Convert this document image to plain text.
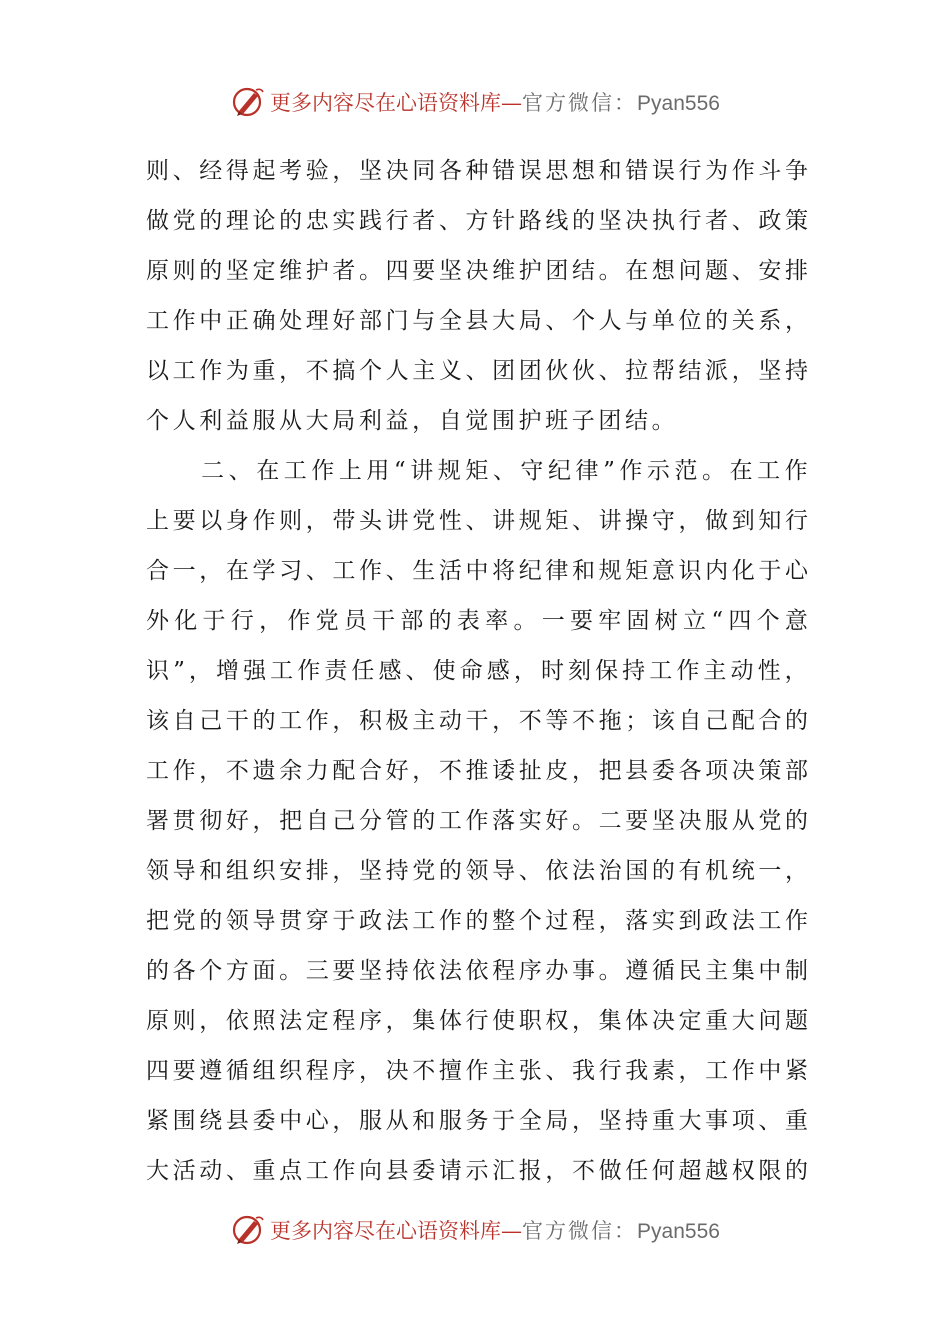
更多内容尽在心语资料库 — 官方微信： Pyan556
则 、 经 得 起 考 验 ， 坚 决 同 各 种 错 误 思 想 和 错 误 行 为 作 斗 争
做 党 的 理 论 的 忠 实 践 行 者 、 方 针 路 线 的 坚 决 执 行 者 、 政 策
原 则 的 坚 定 维 护 者 。 四 要 坚 决 维 护 团 结 。 在 想 问 题 、 安 排
工 作 中 正 确 处 理 好 部 门 与 全 县 大 局 、 个 人 与 单 位 的 关 系 ，
以 工 作 为 重 ， 不 搞 个 人 主 义 、 团 团 伙 伙 、 拉 帮 结 派 ， 坚 持
个 人 利 益 服 从 大 局 利 益 ， 自 觉 围 护 班 子 团 结 。

二 、 在 工 作 上 用 “ 讲 规 矩 、 守 纪 律 ” 作 示 范 。 在 工 作
上 要 以 身 作 则 ， 带 头 讲 党 性 、 讲 规 矩 、 讲 操 守 ， 做 到 知 行
合 一 ， 在 学 习 、 工 作 、 生 活 中 将 纪 律 和 规 矩 意 识 内 化 于 心
外 化 于 行 ， 作 党 员 干 部 的 表 率 。 一 要 牢 固 树 立 “ 四 个 意
识 ” ， 增 强 工 作 责 任 感 、 使 命 感 ， 时 刻 保 持 工 作 主 动 性 ，
该 自 己 干 的 工 作 ， 积 极 主 动 干 ， 不 等 不 拖 ； 该 自 己 配 合 的
工 作 ， 不 遗 余 力 配 合 好 ， 不 推 诿 扯 皮 ， 把 县 委 各 项 决 策 部
署 贯 彻 好 ， 把 自 己 分 管 的 工 作 落 实 好 。 二 要 坚 决 服 从 党 的
领 导 和 组 织 安 排 ， 坚 持 党 的 领 导 、 依 法 治 国 的 有 机 统 一 ，
把 党 的 领 导 贯 穿 于 政 法 工 作 的 整 个 过 程 ， 落 实 到 政 法 工 作
的 各 个 方 面 。 三 要 坚 持 依 法 依 程 序 办 事 。 遵 循 民 主 集 中 制
原 则 ， 依 照 法 定 程 序 ， 集 体 行 使 职 权 ， 集 体 决 定 重 大 问 题
四 要 遵 循 组 织 程 序 ， 决 不 擅 作 主 张 、 我 行 我 素 ， 工 作 中 紧
紧 围 绕 县 委 中 心 ， 服 从 和 服 务 于 全 局 ， 坚 持 重 大 事 项 、 重
大 活 动 、 重 点 工 作 向 县 委 请 示 汇 报 ， 不 做 任 何 超 越 权 限 的
更多内容尽在心语资料库 — 官方微信： Pyan556
